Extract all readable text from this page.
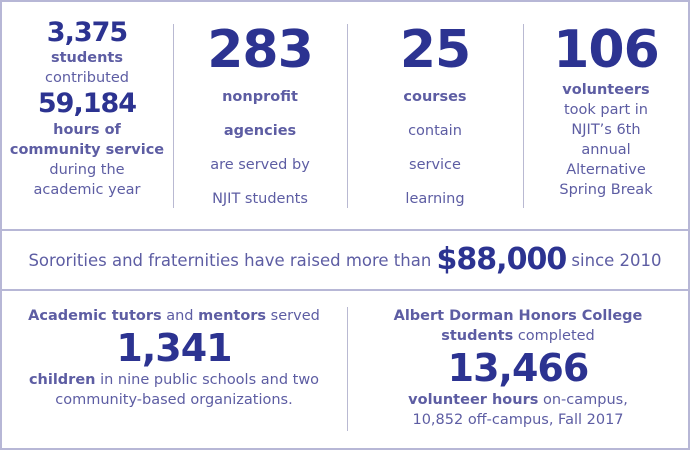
3,375
students
contributed
59,184
hours of
community service
during the
academic year
283
nonprofit
agencies
are served by
NJIT students
25
courses
contain
service
learning
106
volunteers
took part in
NJIT’s 6th
annual
Alternative
Spring Break
Sororities and fraternities have raised more than $88,000 since 2010
Academic tutors and mentors served
1,341
children in nine public schools and two
community-based organizations.
Albert Dorman Honors College
students completed
13,466
volunteer hours on-campus,
10,852 off-campus, Fall 2017
